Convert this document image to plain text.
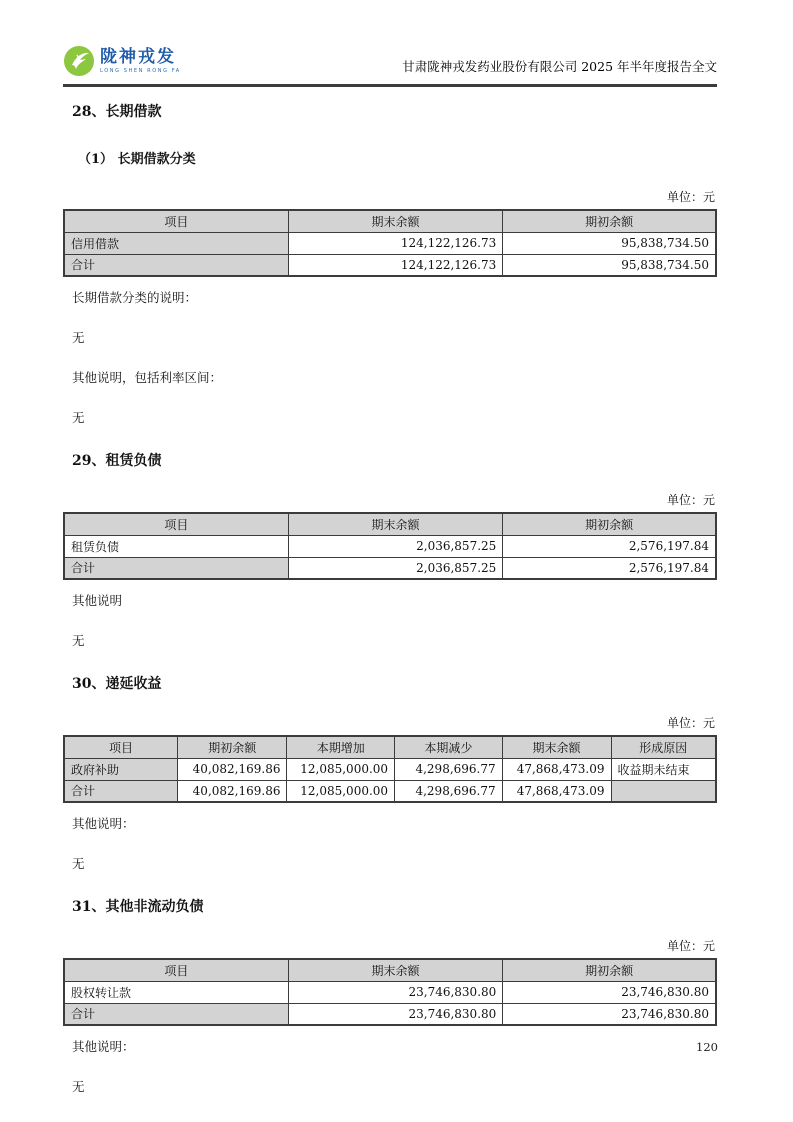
陇神戎发
LONG SHEN RONG FA	甘肃陇神戎发药业股份有限公司 2025 年半年度报告全文
28、长期借款
（1） 长期借款分类
单位：元
项目	期末余额	期初余额
信用借款	124,122,126.73	95,838,734.50
合计	124,122,126.73	95,838,734.50
长期借款分类的说明：
无
其他说明，包括利率区间：
无
29、租赁负债
单位：元
项目	期末余额	期初余额
租赁负债	2,036,857.25	2,576,197.84
合计	2,036,857.25	2,576,197.84
其他说明
无
30、递延收益
单位：元
项目	期初余额	本期增加	本期减少	期末余额	形成原因
政府补助	40,082,169.86	12,085,000.00	4,298,696.77	47,868,473.09	收益期未结束
合计	40,082,169.86	12,085,000.00	4,298,696.77	47,868,473.09	
其他说明：
无
31、其他非流动负债
单位：元
项目	期末余额	期初余额
股权转让款	23,746,830.80	23,746,830.80
合计	23,746,830.80	23,746,830.80
其他说明：
无
120
